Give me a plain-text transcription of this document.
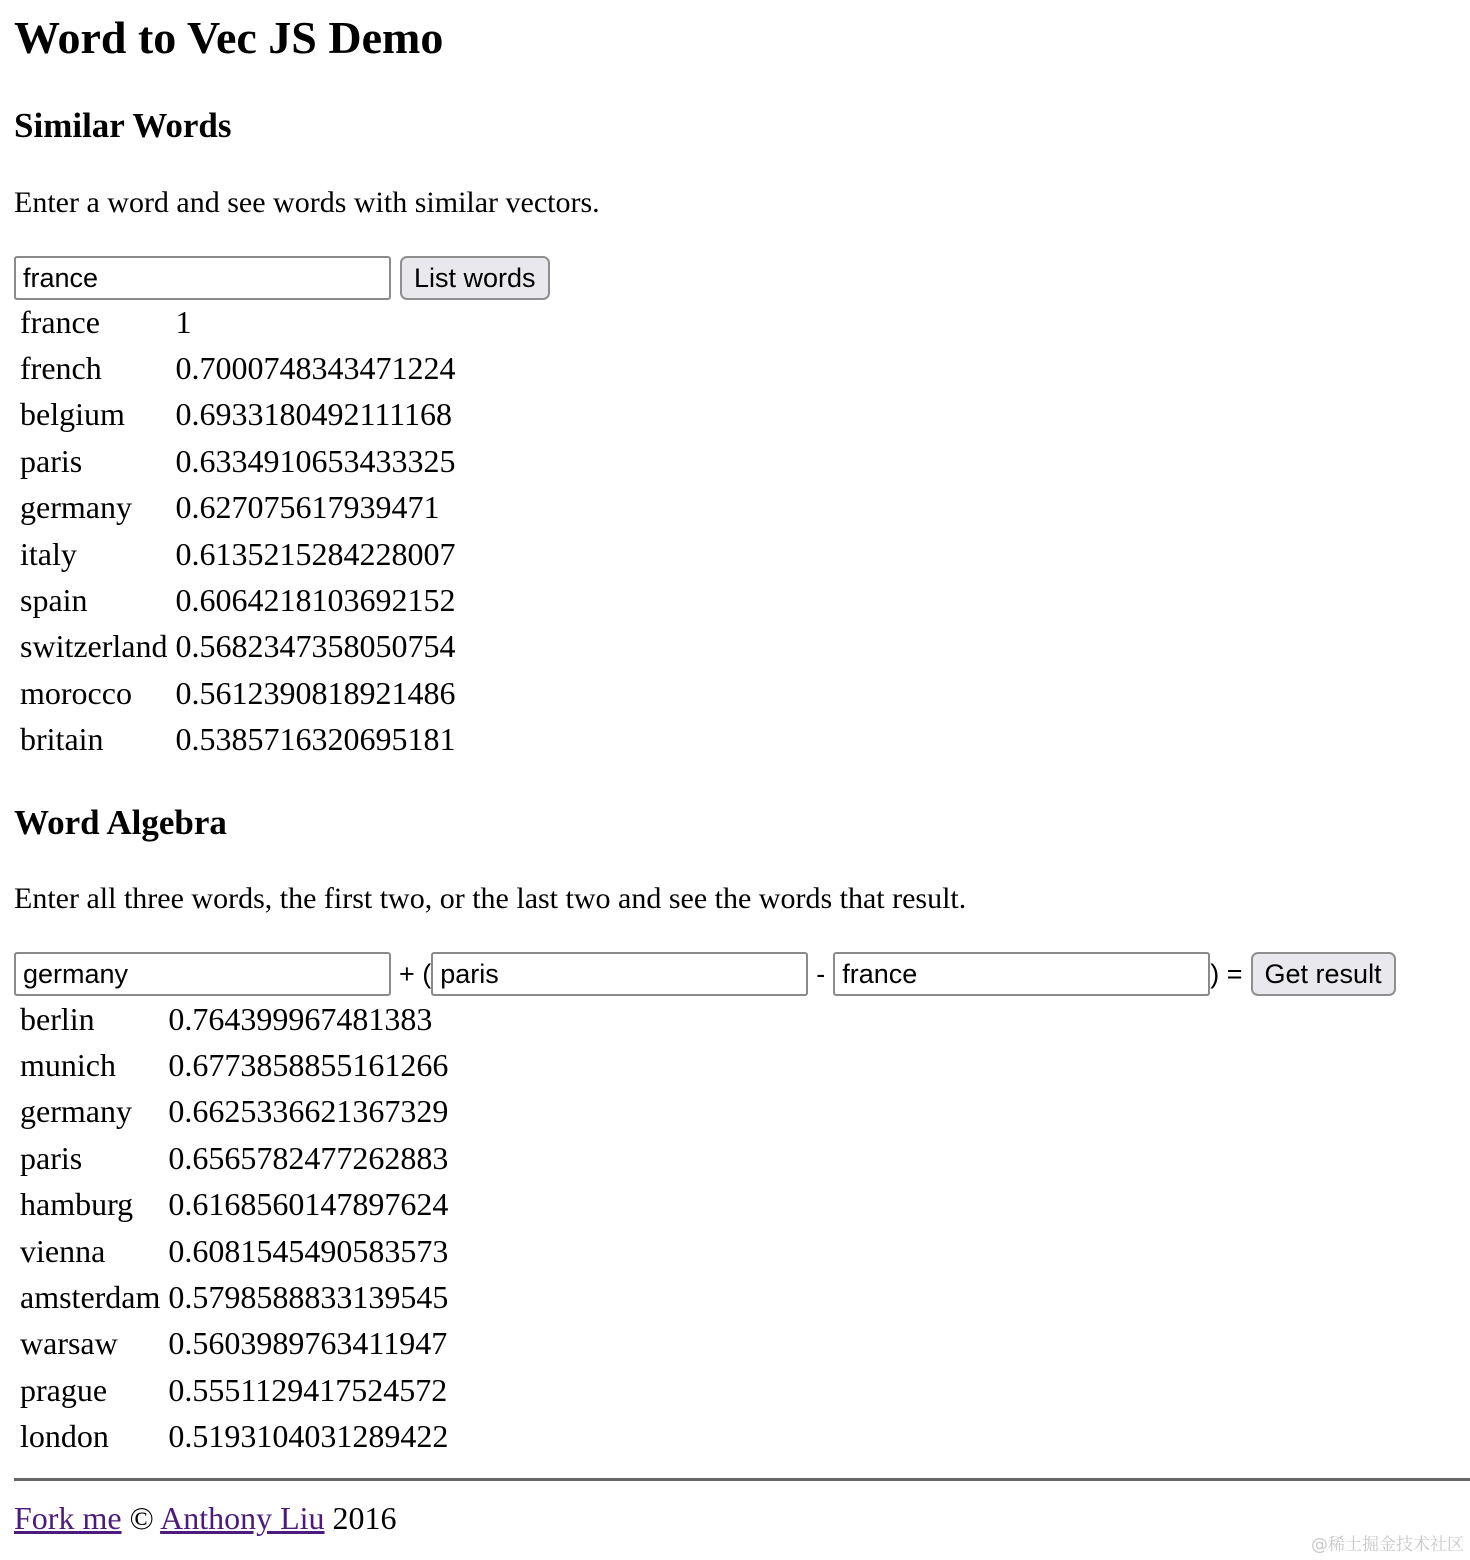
Word to Vec JS Demo
Similar Words

Enter a word and see words with similar vectors.

france
List words
france	1
french	0.7000748343471224
belgium	0.6933180492111168
paris	0.6334910653433325
germany	0.627075617939471
italy	0.6135215284228007
spain	0.6064218103692152
switzerland	0.5682347358050754
morocco	0.5612390818921486
britain	0.5385716320695181
Word Algebra

Enter all three words, the first two, or the last two and see the words that result.

germany
+ (
paris	-
france	) = Get result
berlin	0.764399967481383
munich	0.6773858855161266
germany	0.6625336621367329
paris	0.6565782477262883
hamburg	0.6168560147897624
vienna	0.6081545490583573
amsterdam	0.5798588833139545
warsaw	0.5603989763411947
prague	0.5551129417524572
london	0.5193104031289422
Fork me © Anthony Liu 2016
@稀土掘金技术社区
